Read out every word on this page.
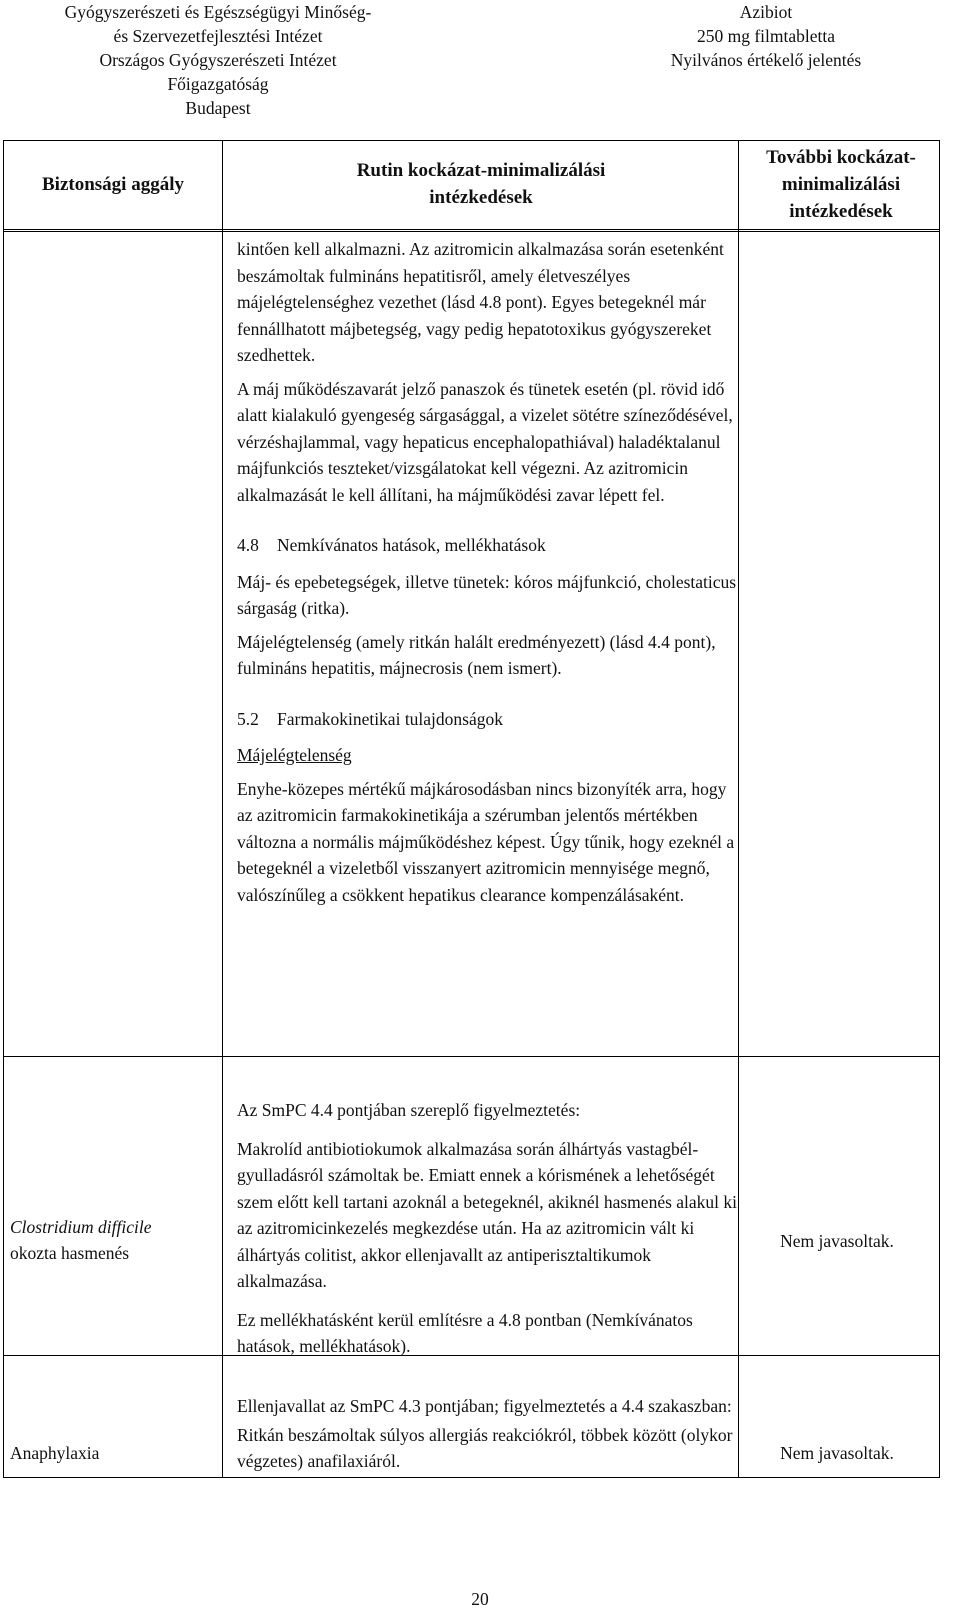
Gyógyszerészeti és Egészségügyi Minőség-
és Szervezetfejlesztési Intézet
Országos Gyógyszerészeti Intézet
Főigazgatóság
Budapest
Azibiot
250 mg filmtabletta
Nyilvános értékelő jelentés
Biztonsági aggály
Rutin kockázat-minimalizálási intézkedések
További kockázat-minimalizálási intézkedések

kintően kell alkalmazni. Az azitromicin alkalmazása során esetenként beszámoltak fulmináns hepatitisről, amely életveszélyes májelégtelenséghez vezethet (lásd 4.8 pont). Egyes betegeknél már fennállhatott májbetegség, vagy pedig hepatotoxikus gyógyszereket szedhettek.

A máj működészavarát jelző panaszok és tünetek esetén (pl. rövid idő alatt kialakuló gyengeség sárgasággal, a vizelet sötétre színeződésével, vérzéshajlammal, vagy hepaticus encephalopathiával) haladéktalanul májfunkciós teszteket/vizsgálatokat kell végezni. Az azitromicin alkalmazását le kell állítani, ha májműködési zavar lépett fel.

4.8 Nemkívánatos hatások, mellékhatások

Máj- és epebetegségek, illetve tünetek: kóros májfunkció, cholestaticus sárgaság (ritka).

Májelégtelenség (amely ritkán halált eredményezett) (lásd 4.4 pont), fulmináns hepatitis, májnecrosis (nem ismert).

5.2 Farmakokinetikai tulajdonságok

Májelégtelenség

Enyhe-közepes mértékű májkárosodásban nincs bizonyíték arra, hogy az azitromicin farmakokinetikája a szérumban jelentős mértékben változna a normális májműködéshez képest. Úgy tűnik, hogy ezeknél a betegeknél a vizeletből visszanyert azitromicin mennyisége megnő, valószínűleg a csökkent hepatikus clearance kompenzálásaként.

Clostridium difficile
okozta hasmenés

Az SmPC 4.4 pontjában szereplő figyelmeztetés:

Makrolíd antibiotiokumok alkalmazása során álhártyás vastagbél-gyulladásról számoltak be. Emiatt ennek a kórismének a lehetőségét szem előtt kell tartani azoknál a betegeknél, akiknél hasmenés alakul ki az azitromicinkezelés megkezdése után. Ha az azitromicin vált ki álhártyás colitist, akkor ellenjavallt az antiperisztaltikumok alkalmazása.

Ez mellékhatásként kerül említésre a 4.8 pontban (Nemkívánatos hatások, mellékhatások).

Nem javasoltak.
Anaphylaxia

Ellenjavallat az SmPC 4.3 pontjában; figyelmeztetés a 4.4 szakaszban:

Ritkán beszámoltak súlyos allergiás reakciókról, többek között (olykor végzetes) anafilaxiáról.	Nem javasoltak.
20
